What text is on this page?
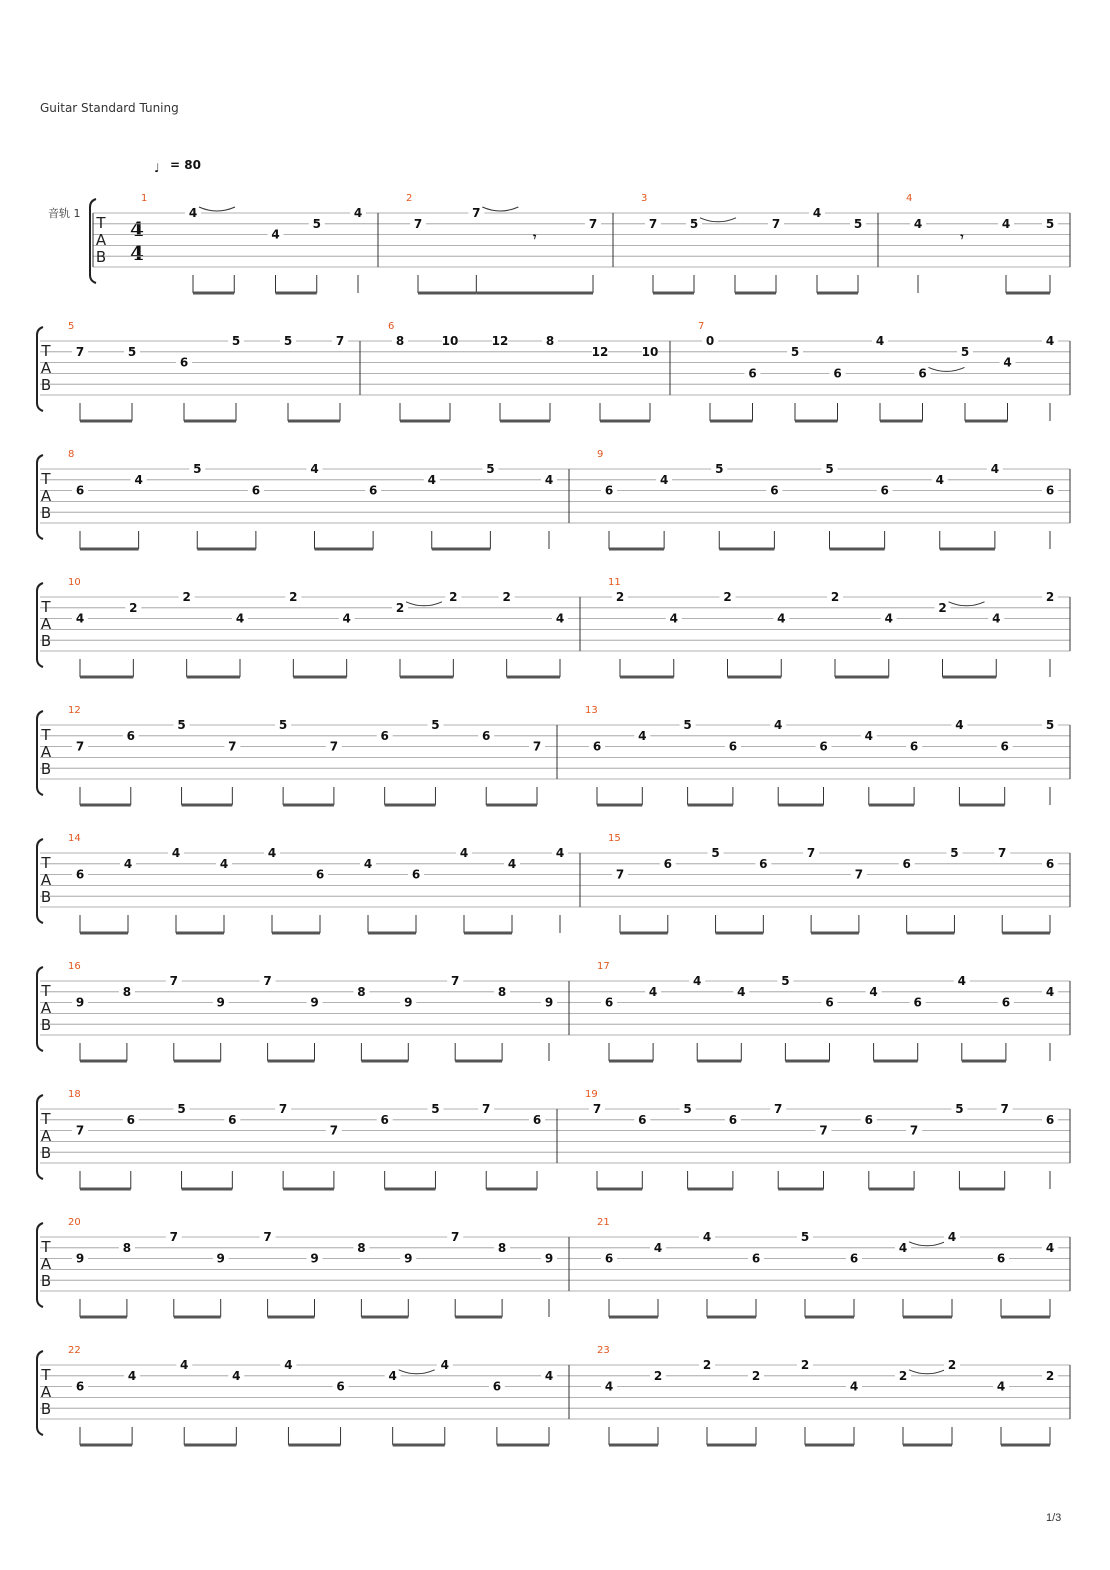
Guitar Standard Tuning
1/3
♩ = 80
音轨 1
4
4
T
A
B
1
4
4
5
4
2
7
7
𝄾
7
3
7	5	7
4
5
4
4
𝄾
4	5
T
A
B
5
7	5
6
5	5	7
6
8	10	12	8
12	10
7
0
6
5
6
4
6
5
4
4
T
A
B
8
6
4
5
6
4
6
4
5
4
9
6
4
5
6
5
6
4
4
6
T
A
B
10
4
2
2
4
2
4
2
2	2
4
11
2
4
2
4
2
4
2
4
2
T
A
B
12
7
6
5
7
5
7
6
5
6
7
13
6
4
5
6
4
6
4
6
4
6
5
T
A
B
14
6
4
4
4
4
6
4
6
4
4
4
15
7
6
5
6
7
7
6
5	7
6
T
A
B
16
9
8
7
9
7
9
8
9
7
8
9
17
6
4
4
4
5
6
4
6
4
6
4
T
A
B
18
7
6
5
6
7
7
6
5	7
6
19
7
6
5
6
7
7
6
7
5	7
6
T
A
B
20
9
8
7
9
7
9
8
9
7
8
9
21
6
4
4
6
5
6
4
4
6
4
T
A
B
22
6
4
4
4
4
6
4
4
6
4
23
4
2
2
2
2
4
2
2
4
2
